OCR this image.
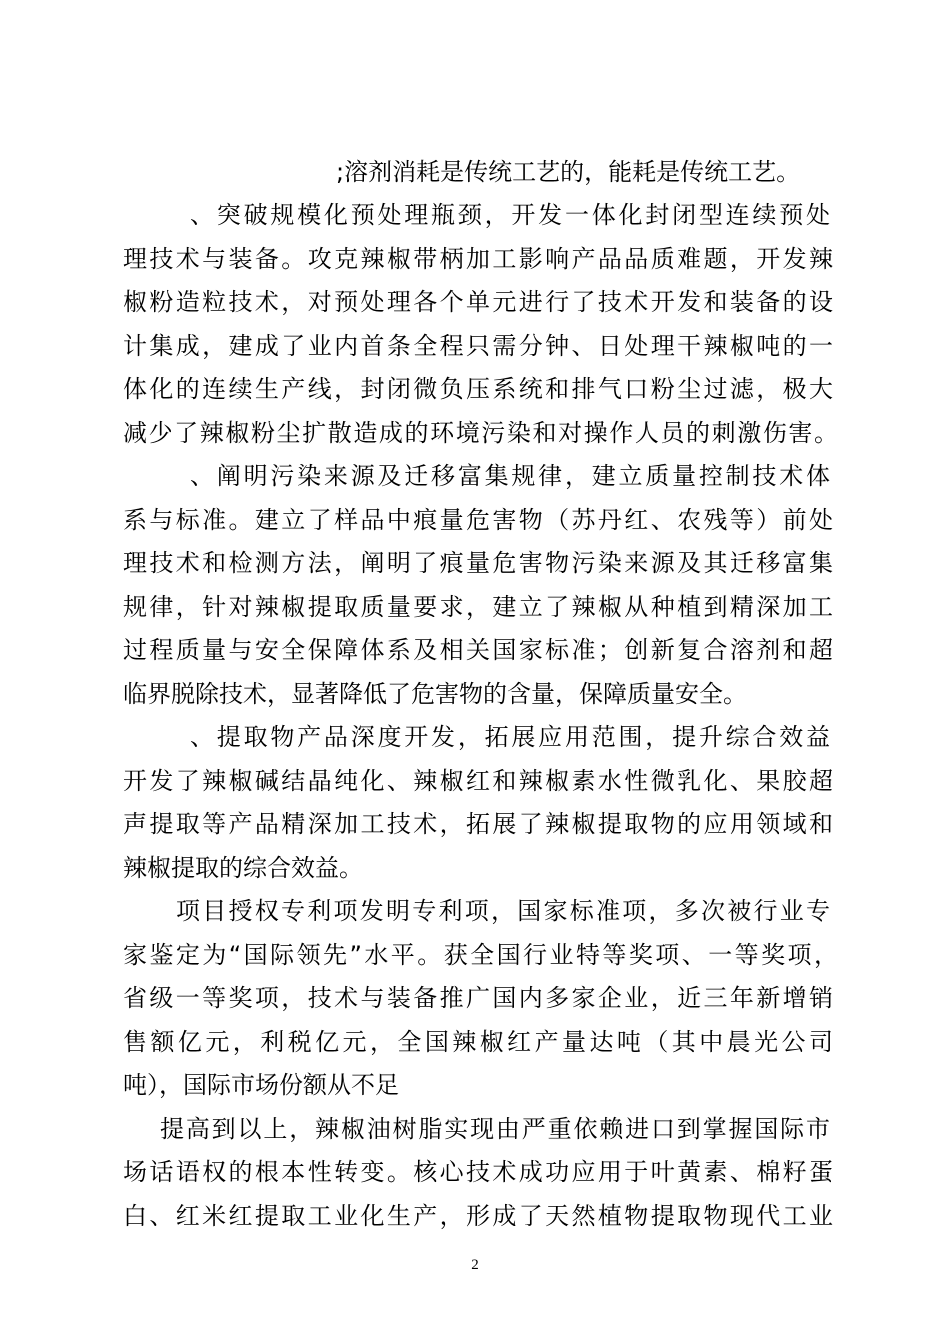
;溶剂消耗是传统工艺的，能耗是传统工艺。
、突破规模化预处理瓶颈，开发一体化封闭型连续预处
理技术与装备。攻克辣椒带柄加工影响产品品质难题，开发辣
椒粉造粒技术，对预处理各个单元进行了技术开发和装备的设
计集成，建成了业内首条全程只需分钟、日处理干辣椒吨的一
体化的连续生产线，封闭微负压系统和排气口粉尘过滤，极大
减少了辣椒粉尘扩散造成的环境污染和对操作人员的刺激伤害。
、阐明污染来源及迁移富集规律，建立质量控制技术体
系与标准。建立了样品中痕量危害物（苏丹红、农残等）前处
理技术和检测方法，阐明了痕量危害物污染来源及其迁移富集
规律，针对辣椒提取质量要求，建立了辣椒从种植到精深加工
过程质量与安全保障体系及相关国家标准；创新复合溶剂和超
临界脱除技术，显著降低了危害物的含量，保障质量安全。
、提取物产品深度开发，拓展应用范围，提升综合效益
开发了辣椒碱结晶纯化、辣椒红和辣椒素水性微乳化、果胶超
声提取等产品精深加工技术，拓展了辣椒提取物的应用领域和
辣椒提取的综合效益。
项目授权专利项发明专利项，国家标准项，多次被行业专
家鉴定为“国际领先”水平。获全国行业特等奖项、一等奖项，
省级一等奖项，技术与装备推广国内多家企业，近三年新增销
售额亿元，利税亿元，全国辣椒红产量达吨（其中晨光公司
吨），国际市场份额从不足
提高到以上，辣椒油树脂实现由严重依赖进口到掌握国际市
场话语权的根本性转变。核心技术成功应用于叶黄素、棉籽蛋
白、红米红提取工业化生产，形成了天然植物提取物现代工业
2
